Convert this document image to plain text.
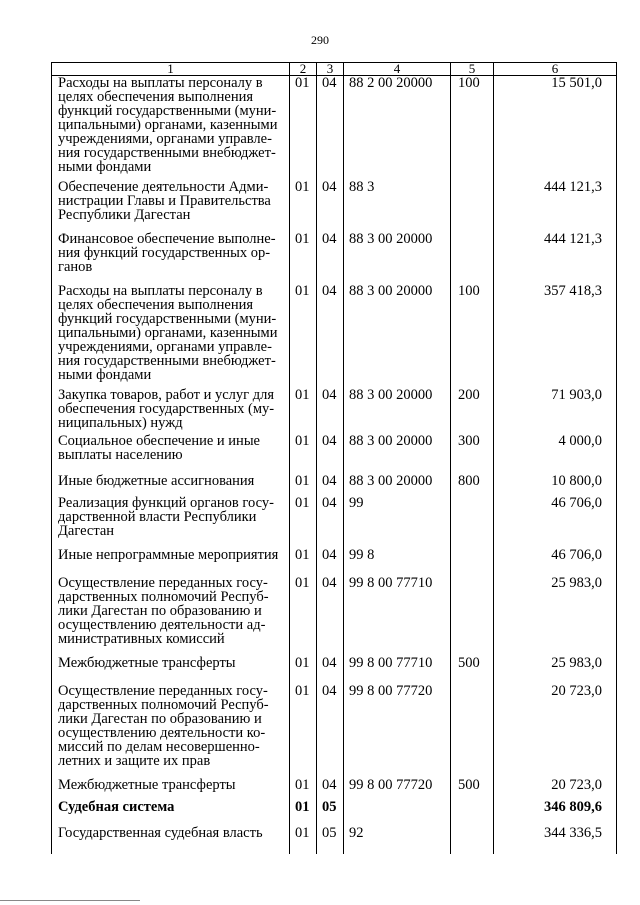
290
1	2	3	4	5	6
Расходы на выплаты персоналу в целях обеспечения выполнения функций государственными (муни-ципальными) органами, казенными учреждениями, органами управле-ния государственными внебюджет-ными фондами	01	04	88 2 00 20000	100	15 501,0
Обеспечение деятельности Адми-нистрации Главы и Правительства Республики Дагестан	01	04	88 3		444 121,3
Финансовое обеспечение выполне-ния функций государственных ор-ганов	01	04	88 3 00 20000		444 121,3
Расходы на выплаты персоналу в целях обеспечения выполнения функций государственными (муни-ципальными) органами, казенными учреждениями, органами управле-ния государственными внебюджет-ными фондами	01	04	88 3 00 20000	100	357 418,3
Закупка товаров, работ и услуг для обеспечения государственных (му-ниципальных) нужд	01	04	88 3 00 20000	200	71 903,0
Социальное обеспечение и иные выплаты населению	01	04	88 3 00 20000	300	4 000,0
Иные бюджетные ассигнования	01	04	88 3 00 20000	800	10 800,0
Реализация функций органов госу-дарственной власти Республики Дагестан	01	04	99		46 706,0
Иные непрограммные мероприятия	01	04	99 8		46 706,0
Осуществление переданных госу-дарственных полномочий Респуб-лики Дагестан по образованию и осуществлению деятельности ад-министративных комиссий	01	04	99 8 00 77710		25 983,0
Межбюджетные трансферты	01	04	99 8 00 77710	500	25 983,0
Осуществление переданных госу-дарственных полномочий Респуб-лики Дагестан по образованию и осуществлению деятельности ко-миссий по делам несовершенно-летних и защите их прав	01	04	99 8 00 77720		20 723,0
Межбюджетные трансферты	01	04	99 8 00 77720	500	20 723,0
Судебная система	01	05			346 809,6
Государственная судебная власть	01	05	92		344 336,5
